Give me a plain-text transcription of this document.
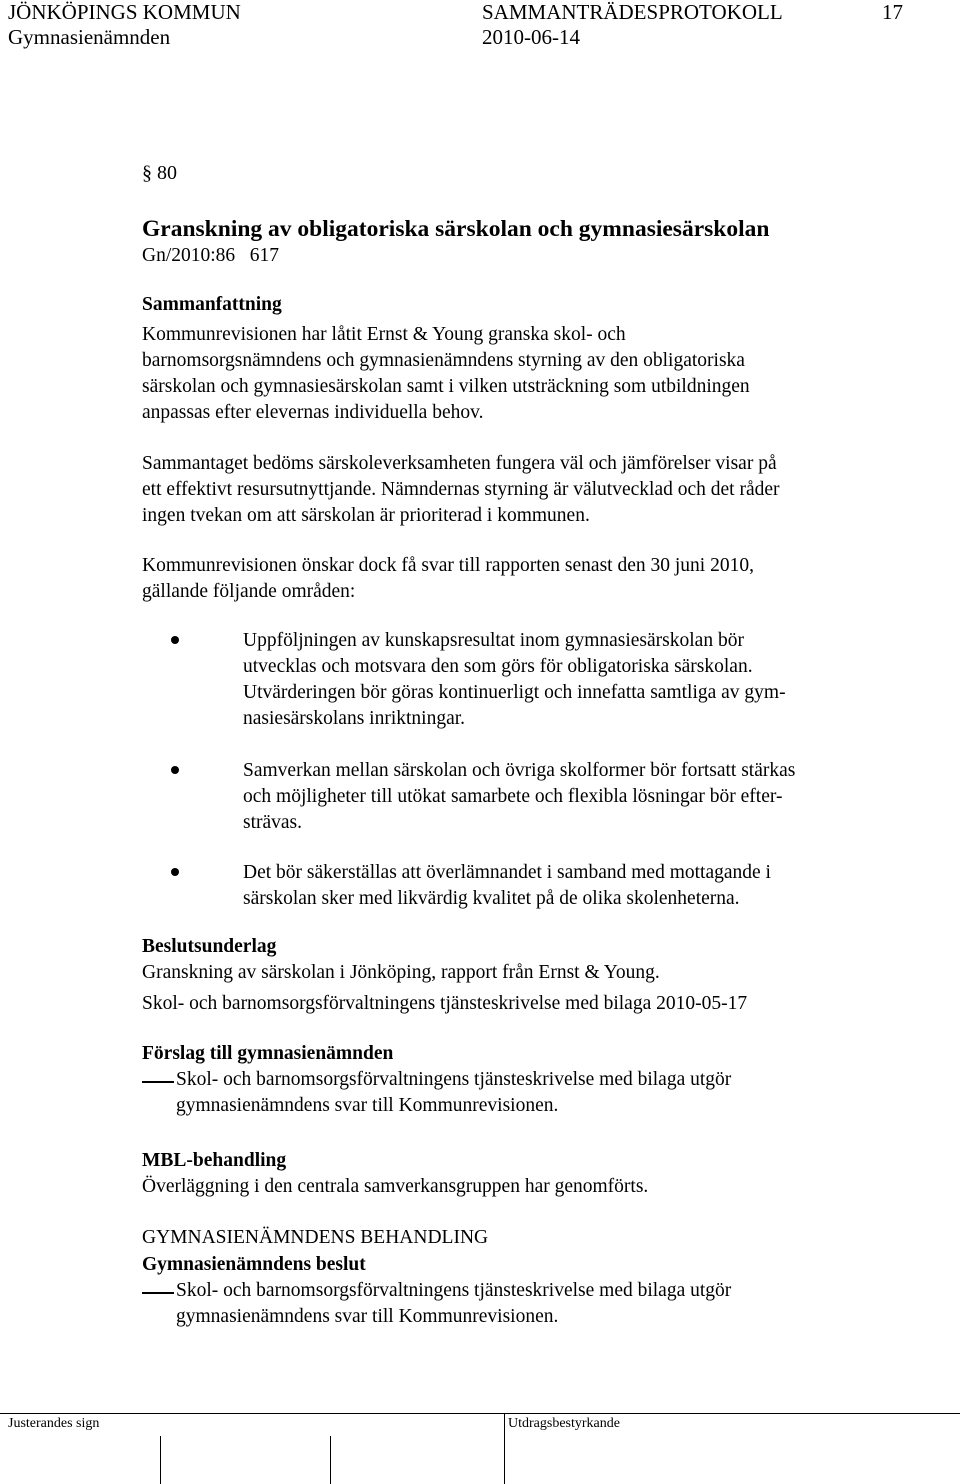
JÖNKÖPINGS KOMMUN	SAMMANTRÄDESPROTOKOLL	17
Gymnasienämnden	2010-06-14
§ 80
Granskning av obligatoriska särskolan och gymnasiesärskolan
Gn/2010:86   617
Sammanfattning
Kommunrevisionen har låtit Ernst & Young granska skol- och
barnomsorgsnämndens och gymnasienämndens styrning av den obligatoriska
särskolan och gymnasiesärskolan samt i vilken utsträckning som utbildningen
anpassas efter elevernas individuella behov.
Sammantaget bedöms särskoleverksamheten fungera väl och jämförelser visar på
ett effektivt resursutnyttjande. Nämndernas styrning är välutvecklad och det råder
ingen tvekan om att särskolan är prioriterad i kommunen.
Kommunrevisionen önskar dock få svar till rapporten senast den 30 juni 2010,
gällande följande områden:
Uppföljningen av kunskapsresultat inom gymnasiesärskolan bör
utvecklas och motsvara den som görs för obligatoriska särskolan.
Utvärderingen bör göras kontinuerligt och innefatta samtliga av gym-
nasiesärskolans inriktningar.
Samverkan mellan särskolan och övriga skolformer bör fortsatt stärkas
och möjligheter till utökat samarbete och flexibla lösningar bör efter-
strävas.
Det bör säkerställas att överlämnandet i samband med mottagande i
särskolan sker med likvärdig kvalitet på de olika skolenheterna.
Beslutsunderlag
Granskning av särskolan i Jönköping, rapport från Ernst & Young.
Skol- och barnomsorgsförvaltningens tjänsteskrivelse med bilaga 2010-05-17
Förslag till gymnasienämnden
Skol- och barnomsorgsförvaltningens tjänsteskrivelse med bilaga utgör
gymnasienämndens svar till Kommunrevisionen.
MBL-behandling
Överläggning i den centrala samverkansgruppen har genomförts.
GYMNASIENÄMNDENS BEHANDLING
Gymnasienämndens beslut
Skol- och barnomsorgsförvaltningens tjänsteskrivelse med bilaga utgör
gymnasienämndens svar till Kommunrevisionen.
Justerandes sign	Utdragsbestyrkande
